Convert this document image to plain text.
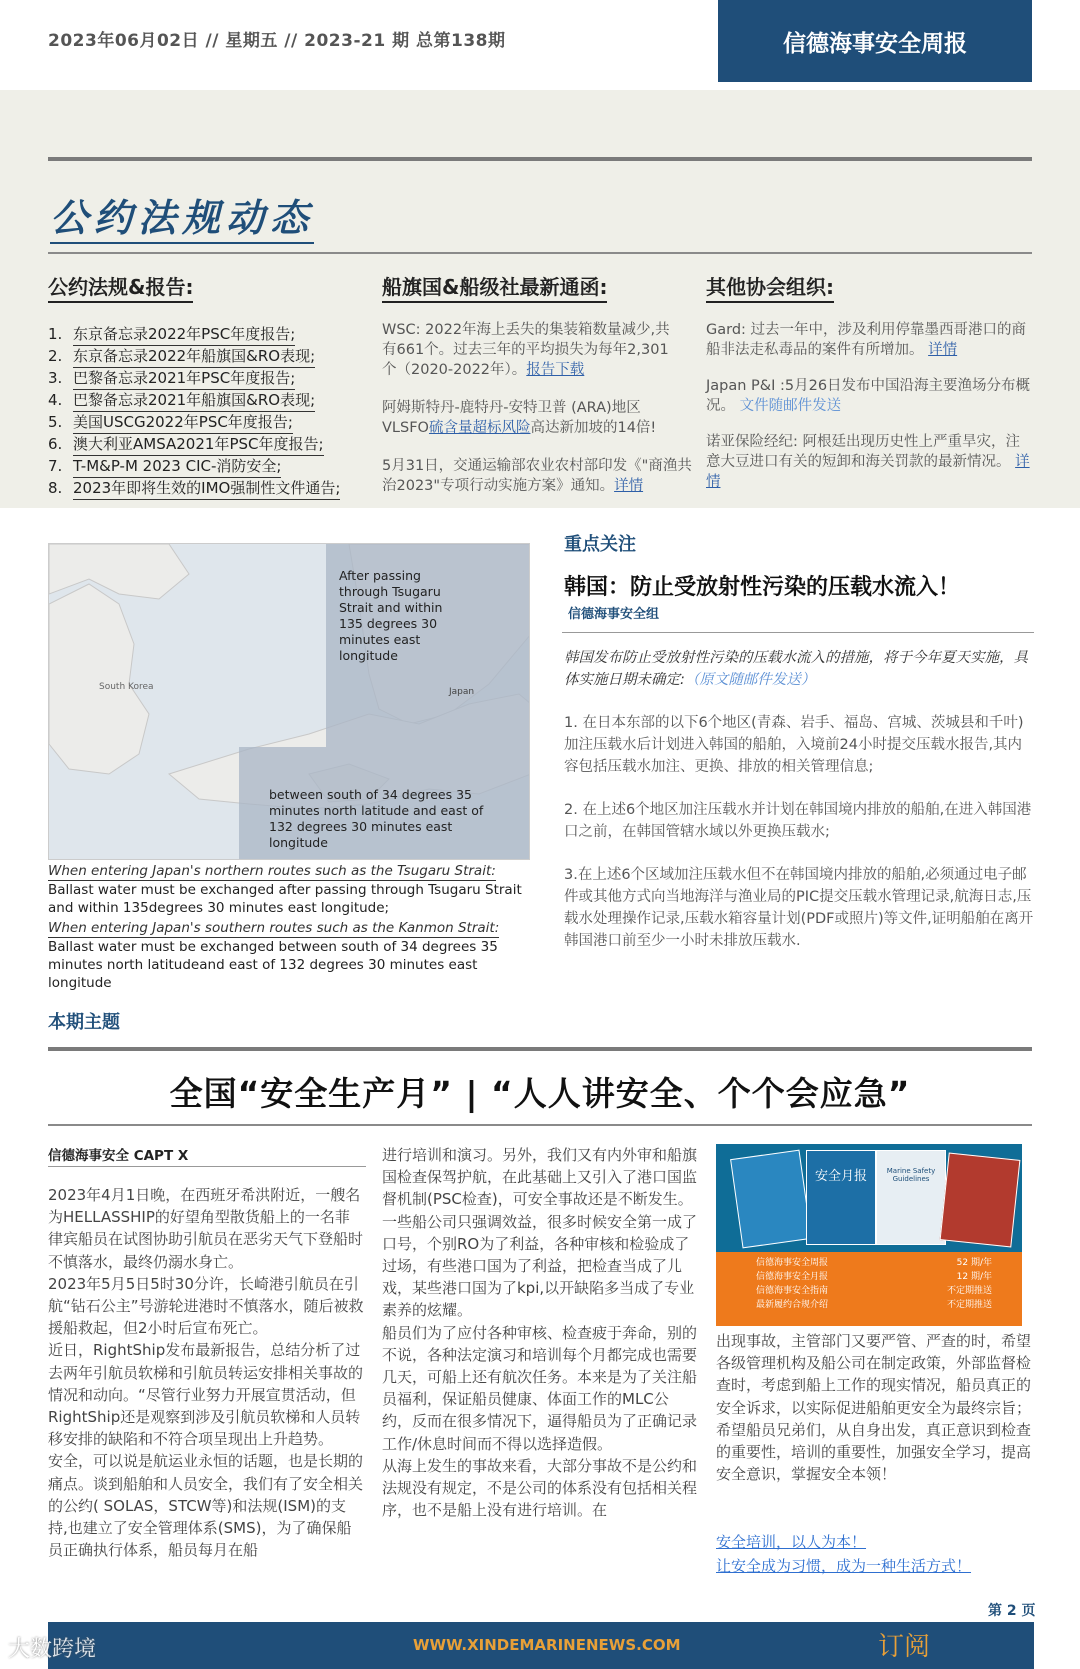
2023年06月02日 // 星期五 // 2023-21 期 总第138期	信德海事安全周报
公约法规动态
公约法规&报告:	船旗国&船级社最新通函:	其他协会组织:
1. 东京备忘录2022年PSC年度报告;
2. 东京备忘录2022年船旗国&RO表现;
3. 巴黎备忘录2021年PSC年度报告;
4. 巴黎备忘录2021年船旗国&RO表现;
5. 美国USCG2022年PSC年度报告;
6. 澳大利亚AMSA2021年PSC年度报告;
7. T-M&P-M 2023 CIC-消防安全;
8. 2023年即将生效的IMO强制性文件通告;
WSC: 2022年海上丢失的集装箱数量减少,共有661个。过去三年的平均损失为每年2,301个（2020-2022年）。报告下载
阿姆斯特丹-鹿特丹-安特卫普 (ARA)地区VLSFO硫含量超标风险高达新加坡的14倍!
5月31日，交通运输部农业农村部印发《"商渔共治2023"专项行动实施方案》通知。详情
Gard: 过去一年中，涉及利用停靠墨西哥港口的商船非法走私毒品的案件有所增加。 详情
Japan P&I :5月26日发布中国沿海主要渔场分布概况。 文件随邮件发送
诺亚保险经纪: 阿根廷出现历史性上严重旱灾，注意大豆进口有关的短卸和海关罚款的最新情况。 详情
After passing through Tsugaru Strait and within 135 degrees 30 minutes east longitude
South Korea	Japan
between south of 34 degrees 35 minutes north latitude and east of 132 degrees 30 minutes east longitude
When entering Japan's northern routes such as the Tsugaru Strait:
Ballast water must be exchanged after passing through Tsugaru Strait and within 135degrees 30 minutes east longitude;
When entering Japan's southern routes such as the Kanmon Strait:
Ballast water must be exchanged between south of 34 degrees 35 minutes north latitudeand east of 132 degrees 30 minutes east longitude
重点关注
韩国：防止受放射性污染的压载水流入！
信德海事安全组
韩国发布防止受放射性污染的压载水流入的措施，将于今年夏天实施，具体实施日期未确定:（原文随邮件发送）
1. 在日本东部的以下6个地区(青森、岩手、福岛、宫城、茨城县和千叶)加注压载水后计划进入韩国的船舶，入境前24小时提交压载水报告,其内容包括压载水加注、更换、排放的相关管理信息;
2. 在上述6个地区加注压载水并计划在韩国境内排放的船舶,在进入韩国港口之前，在韩国管辖水域以外更换压载水;
3.在上述6个区域加注压载水但不在韩国境内排放的船舶,必须通过电子邮件或其他方式向当地海洋与渔业局的PIC提交压载水管理记录,航海日志,压载水处理操作记录,压载水箱容量计划(PDF或照片)等文件,证明船舶在离开韩国港口前至少一小时未排放压载水.
本期主题
全国“安全生产月” | “人人讲安全、个个会应急”
信德海事安全 CAPT X

2023年4月1日晚，在西班牙希洪附近，一艘名为HELLASSHIP的好望角型散货船上的一名菲律宾船员在试图协助引航员在恶劣天气下登船时不慎落水，最终仍溺水身亡。

2023年5月5日5时30分许，长崎港引航员在引航“钻石公主”号游轮进港时不慎落水，随后被救援船救起，但2小时后宣布死亡。

近日，RightShip发布最新报告，总结分析了过去两年引航员软梯和引航员转运安排相关事故的情况和动向。“尽管行业努力开展宣贯活动，但RightShip还是观察到涉及引航员软梯和人员转移安排的缺陷和不符合项呈现出上升趋势。

安全，可以说是航运业永恒的话题，也是长期的痛点。谈到船舶和人员安全，我们有了安全相关的公约( SOLAS，STCW等)和法规(ISM)的支持,也建立了安全管理体系(SMS)，为了确保船员正确执行体系，船员每月在船

进行培训和演习。另外，我们又有内外审和船旗国检查保驾护航，在此基础上又引入了港口国监督机制(PSC检查)，可安全事故还是不断发生。

一些船公司只强调效益，很多时候安全第一成了口号，个别RO为了利益，各种审核和检验成了过场，有些港口国为了利益，把检查当成了儿戏，某些港口国为了kpi,以开缺陷多当成了专业素养的炫耀。

船员们为了应付各种审核、检查疲于奔命，别的不说，各种法定演习和培训每个月都完成也需要几天，可船上还有航次任务。本来是为了关注船员福利，保证船员健康、体面工作的MLC公约，反而在很多情况下，逼得船员为了正确记录工作/休息时间而不得以选择造假。

从海上发生的事故来看，大部分事故不是公约和法规没有规定，不是公司的体系没有包括相关程序，也不是船上没有进行培训。在

安全月报	Marine Safety Guidelines
信德海事安全周报	52 期/年
信德海事安全月报	12 期/年
信德海事安全指南	不定期推送
最新履约合规介绍	不定期推送

出现事故，主管部门又要严管、严查的时，希望各级管理机构及船公司在制定政策，外部监督检查时，考虑到船上工作的现实情况，船员真正的安全诉求，以实际促进船舶更安全为最终宗旨；希望船员兄弟们，从自身出发，真正意识到检查的重要性，培训的重要性，加强安全学习，提高安全意识，掌握安全本领！

安全培训，以人为本！
让安全成为习惯，成为一种生活方式！
第 2 页
WWW.XINDEMARINENEWS.COM	订阅
大数跨境
